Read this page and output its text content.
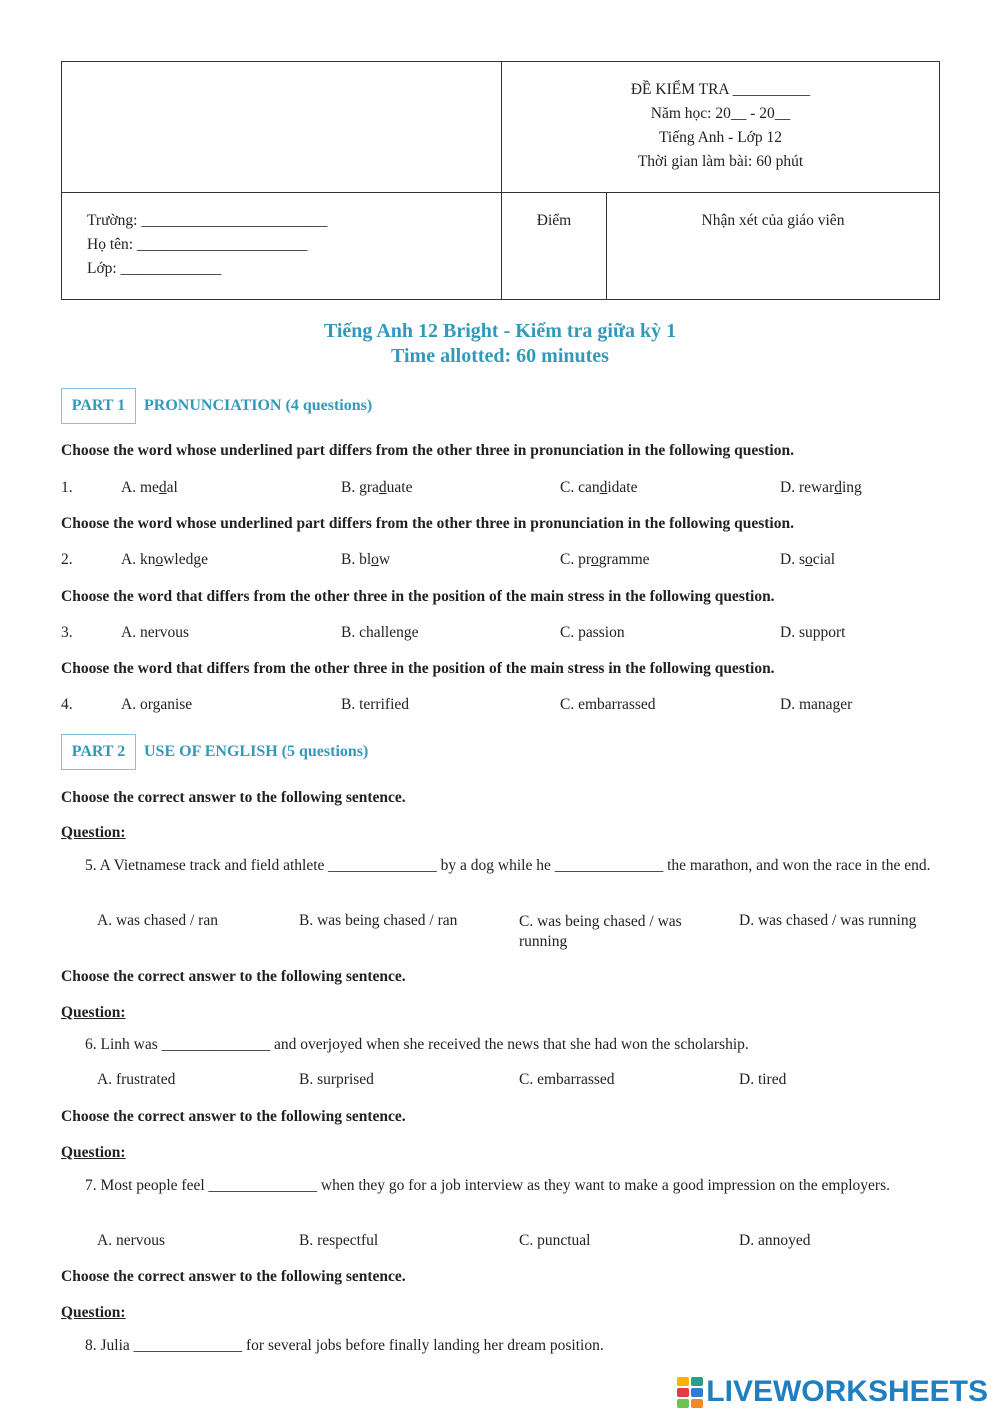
	ĐỀ KIỂM TRA __________
Năm học: 20__ - 20__
Tiếng Anh - Lớp 12
Thời gian làm bài: 60 phút	

Trường: ________________________
Họ tên: ______________________
Lớp: _____________	Điểm	Nhận xét của giáo viên
Tiếng Anh 12 Bright - Kiểm tra giữa kỳ 1
Time allotted: 60 minutes
PART 1	PRONUNCIATION (4 questions)
Choose the word whose underlined part differs from the other three in pronunciation in the following question.
1.	A. medal	B. graduate	C. candidate	D. rewarding
Choose the word whose underlined part differs from the other three in pronunciation in the following question.
2.	A. knowledge	B. blow	C. programme	D. social
Choose the word that differs from the other three in the position of the main stress in the following question.
3.	A. nervous	B. challenge	C. passion	D. support
Choose the word that differs from the other three in the position of the main stress in the following question.
4.	A. organise	B. terrified	C. embarrassed	D. manager
PART 2	USE OF ENGLISH (5 questions)
Choose the correct answer to the following sentence.
Question:
5. A Vietnamese track and field athlete ______________ by a dog while he ______________ the marathon, and won the race in the end.
A. was chased / ran	B. was being chased / ran	C. was being chased / was running
D. was chased / was running
Choose the correct answer to the following sentence.
Question:
6. Linh was ______________ and overjoyed when she received the news that she had won the scholarship.
A. frustrated	B. surprised	C. embarrassed	D. tired
Choose the correct answer to the following sentence.
Question:
7. Most people feel ______________ when they go for a job interview as they want to make a good impression on the employers.
A. nervous	B. respectful	C. punctual	D. annoyed
Choose the correct answer to the following sentence.
Question:
8. Julia ______________ for several jobs before finally landing her dream position.
LIVEWORKSHEETS
